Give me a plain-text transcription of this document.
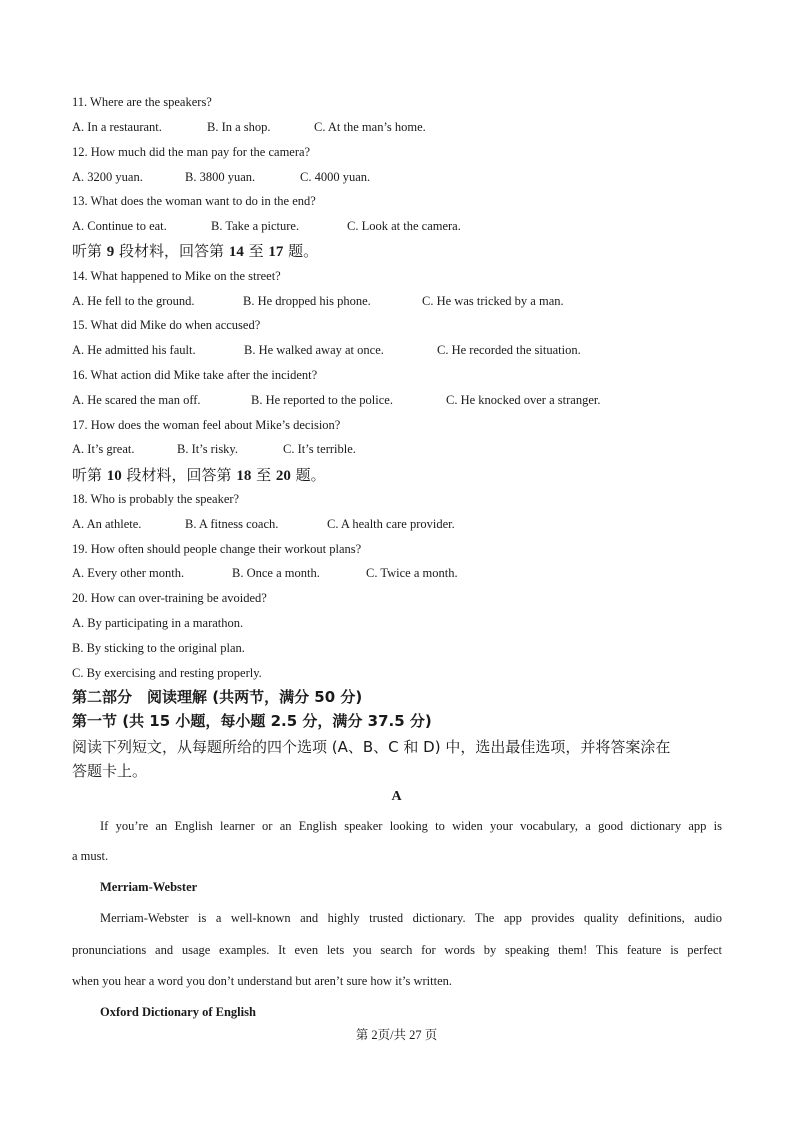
11. Where are the speakers?
A. In a restaurant.	B. In a shop.	C. At the man’s home.
12. How much did the man pay for the camera?
A. 3200 yuan.	B. 3800 yuan.	C. 4000 yuan.
13. What does the woman want to do in the end?
A. Continue to eat.	B. Take a picture.	C. Look at the camera.
听第 9 段材料，回答第 14 至 17 题。
14. What happened to Mike on the street?
A. He fell to the ground.	B. He dropped his phone.	C. He was tricked by a man.
15. What did Mike do when accused?
A. He admitted his fault.	B. He walked away at once.	C. He recorded the situation.
16. What action did Mike take after the incident?
A. He scared the man off.	B. He reported to the police.	C. He knocked over a stranger.
17. How does the woman feel about Mike’s decision?
A. It’s great.	B. It’s risky.	C. It’s terrible.
听第 10 段材料，回答第 18 至 20 题。
18. Who is probably the speaker?
A. An athlete.	B. A fitness coach.	C. A health care provider.
19. How often should people change their workout plans?
A. Every other month.	B. Once a month.	C. Twice a month.
20. How can over-training be avoided?
A. By participating in a marathon.
B. By sticking to the original plan.
C. By exercising and resting properly.
第二部分　阅读理解 (共两节，满分 50 分)
第一节 (共 15 小题，每小题 2.5 分，满分 37.5 分)
阅读下列短文，从每题所给的四个选项 (A、B、C 和 D) 中，选出最佳选项，并将答案涂在
答题卡上。
A
If you’re an English learner or an English speaker looking to widen your vocabulary, a good dictionary app is
a must.
Merriam-Webster
Merriam-Webster is a well-known and highly trusted dictionary. The app provides quality definitions, audio
pronunciations and usage examples. It even lets you search for words by speaking them! This feature is perfect
when you hear a word you don’t understand but aren’t sure how it’s written.
Oxford Dictionary of English
第 2页/共 27 页
